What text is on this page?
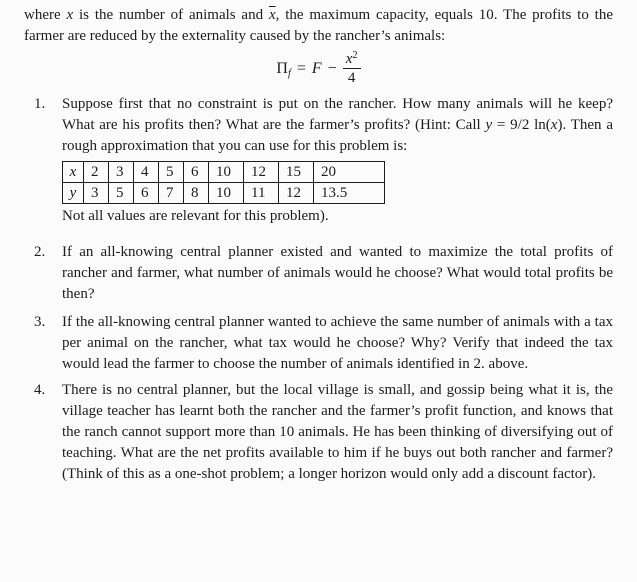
where x is the number of animals and $\overline{x}$, the maximum capacity, equals 10. The profits to the farmer are reduced by the externality caused by the rancher’s animals:

$\Pi_f = F - \frac{x^2}{4}$
1.	Suppose first that no constraint is put on the rancher. How many animals will he keep? What are his profits then? What are the farmer’s profits? (Hint: Call y = 9/2 ln(x). Then a rough approximation that you can use for this problem is:

x	2	3	4	5	6	10	12	15	20
y	3	5	6	7	8	10	11	12	13.5

Not all values are relevant for this problem).

2.	If an all-knowing central planner existed and wanted to maximize the total profits of rancher and farmer, what number of animals would he choose? What would total profits be then?

3.	If the all-knowing central planner wanted to achieve the same number of animals with a tax per animal on the rancher, what tax would he choose? Why? Verify that indeed the tax would lead the farmer to choose the number of animals identified in 2. above.

4.	There is no central planner, but the local village is small, and gossip being what it is, the village teacher has learnt both the rancher and the farmer’s profit function, and knows that the ranch cannot support more than 10 animals. He has been thinking of diversifying out of teaching. What are the net profits available to him if he buys out both rancher and farmer? (Think of this as a one-shot problem; a longer horizon would only add a discount factor).
